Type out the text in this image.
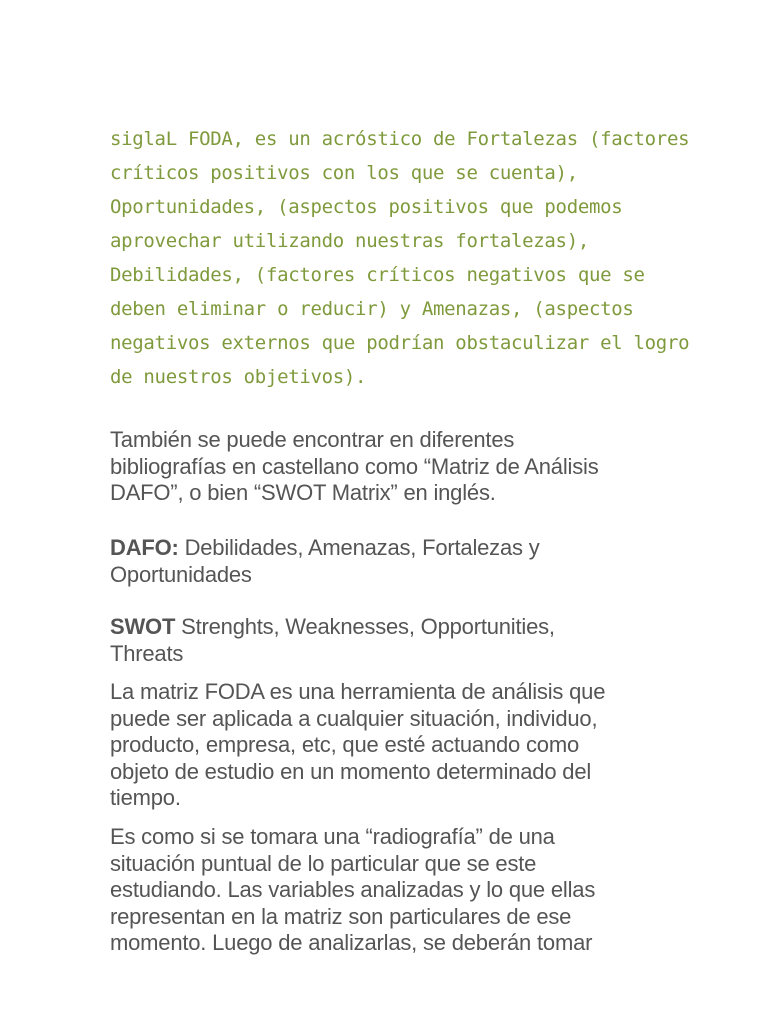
siglaL FODA, es un acróstico de Fortalezas (factores
críticos positivos con los que se cuenta),
Oportunidades, (aspectos positivos que podemos
aprovechar utilizando nuestras fortalezas),
Debilidades, (factores críticos negativos que se
deben eliminar o reducir) y Amenazas, (aspectos
negativos externos que podrían obstaculizar el logro
de nuestros objetivos).

También se puede encontrar en diferentes
bibliografías en castellano como “Matriz de Análisis
DAFO”, o bien “SWOT Matrix” en inglés.

DAFO: Debilidades, Amenazas, Fortalezas y
Oportunidades

SWOT Strenghts, Weaknesses, Opportunities,
Threats

La matriz FODA es una herramienta de análisis que
puede ser aplicada a cualquier situación, individuo,
producto, empresa, etc, que esté actuando como
objeto de estudio en un momento determinado del
tiempo.

Es como si se tomara una “radiografía” de una
situación puntual de lo particular que se este
estudiando. Las variables analizadas y lo que ellas
representan en la matriz son particulares de ese
momento. Luego de analizarlas, se deberán tomar
